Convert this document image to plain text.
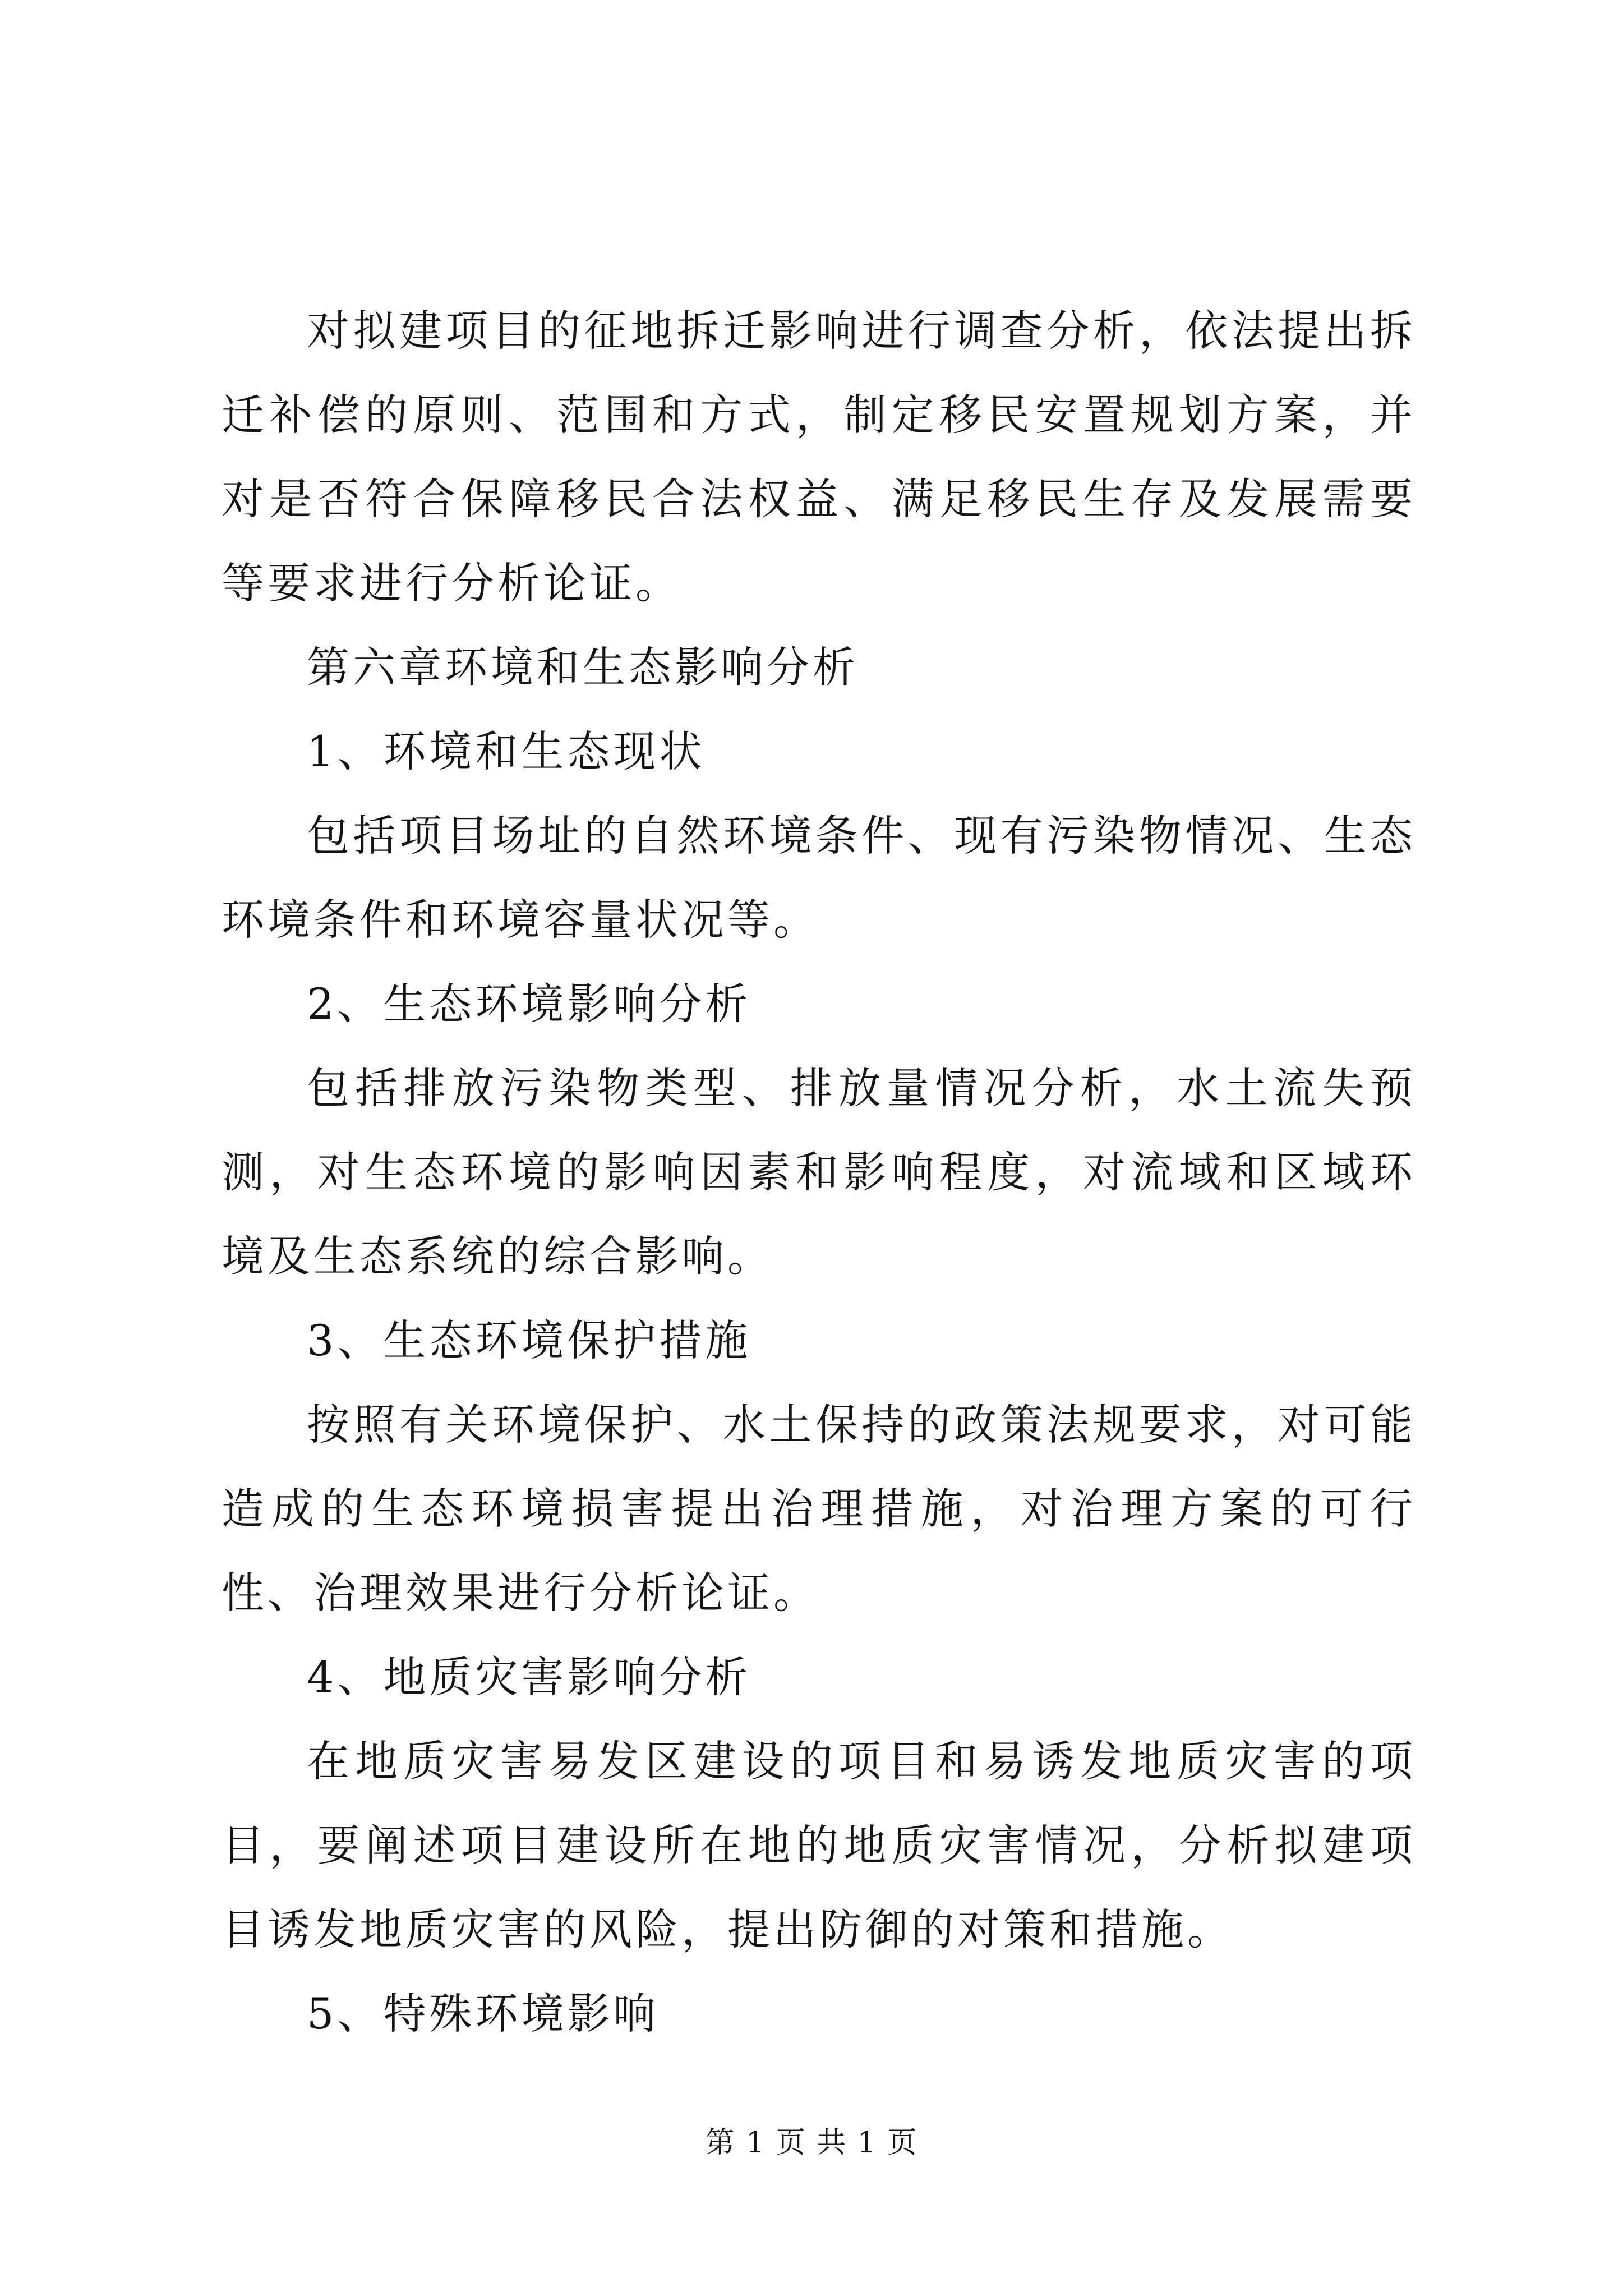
对拟建项目的征地拆迁影响进行调查分析，依法提出拆迁补偿的原则、范围和方式，制定移民安置规划方案，并对是否符合保障移民合法权益、满足移民生存及发展需要等要求进行分析论证。

第六章环境和生态影响分析

1、环境和生态现状

包括项目场址的自然环境条件、现有污染物情况、生态环境条件和环境容量状况等。

2、生态环境影响分析

包括排放污染物类型、排放量情况分析，水土流失预测，对生态环境的影响因素和影响程度，对流域和区域环境及生态系统的综合影响。

3、生态环境保护措施

按照有关环境保护、水土保持的政策法规要求，对可能造成的生态环境损害提出治理措施，对治理方案的可行性、治理效果进行分析论证。

4、地质灾害影响分析

在地质灾害易发区建设的项目和易诱发地质灾害的项目，要阐述项目建设所在地的地质灾害情况，分析拟建项目诱发地质灾害的风险，提出防御的对策和措施。

5、特殊环境影响

第 1 页 共 1 页
